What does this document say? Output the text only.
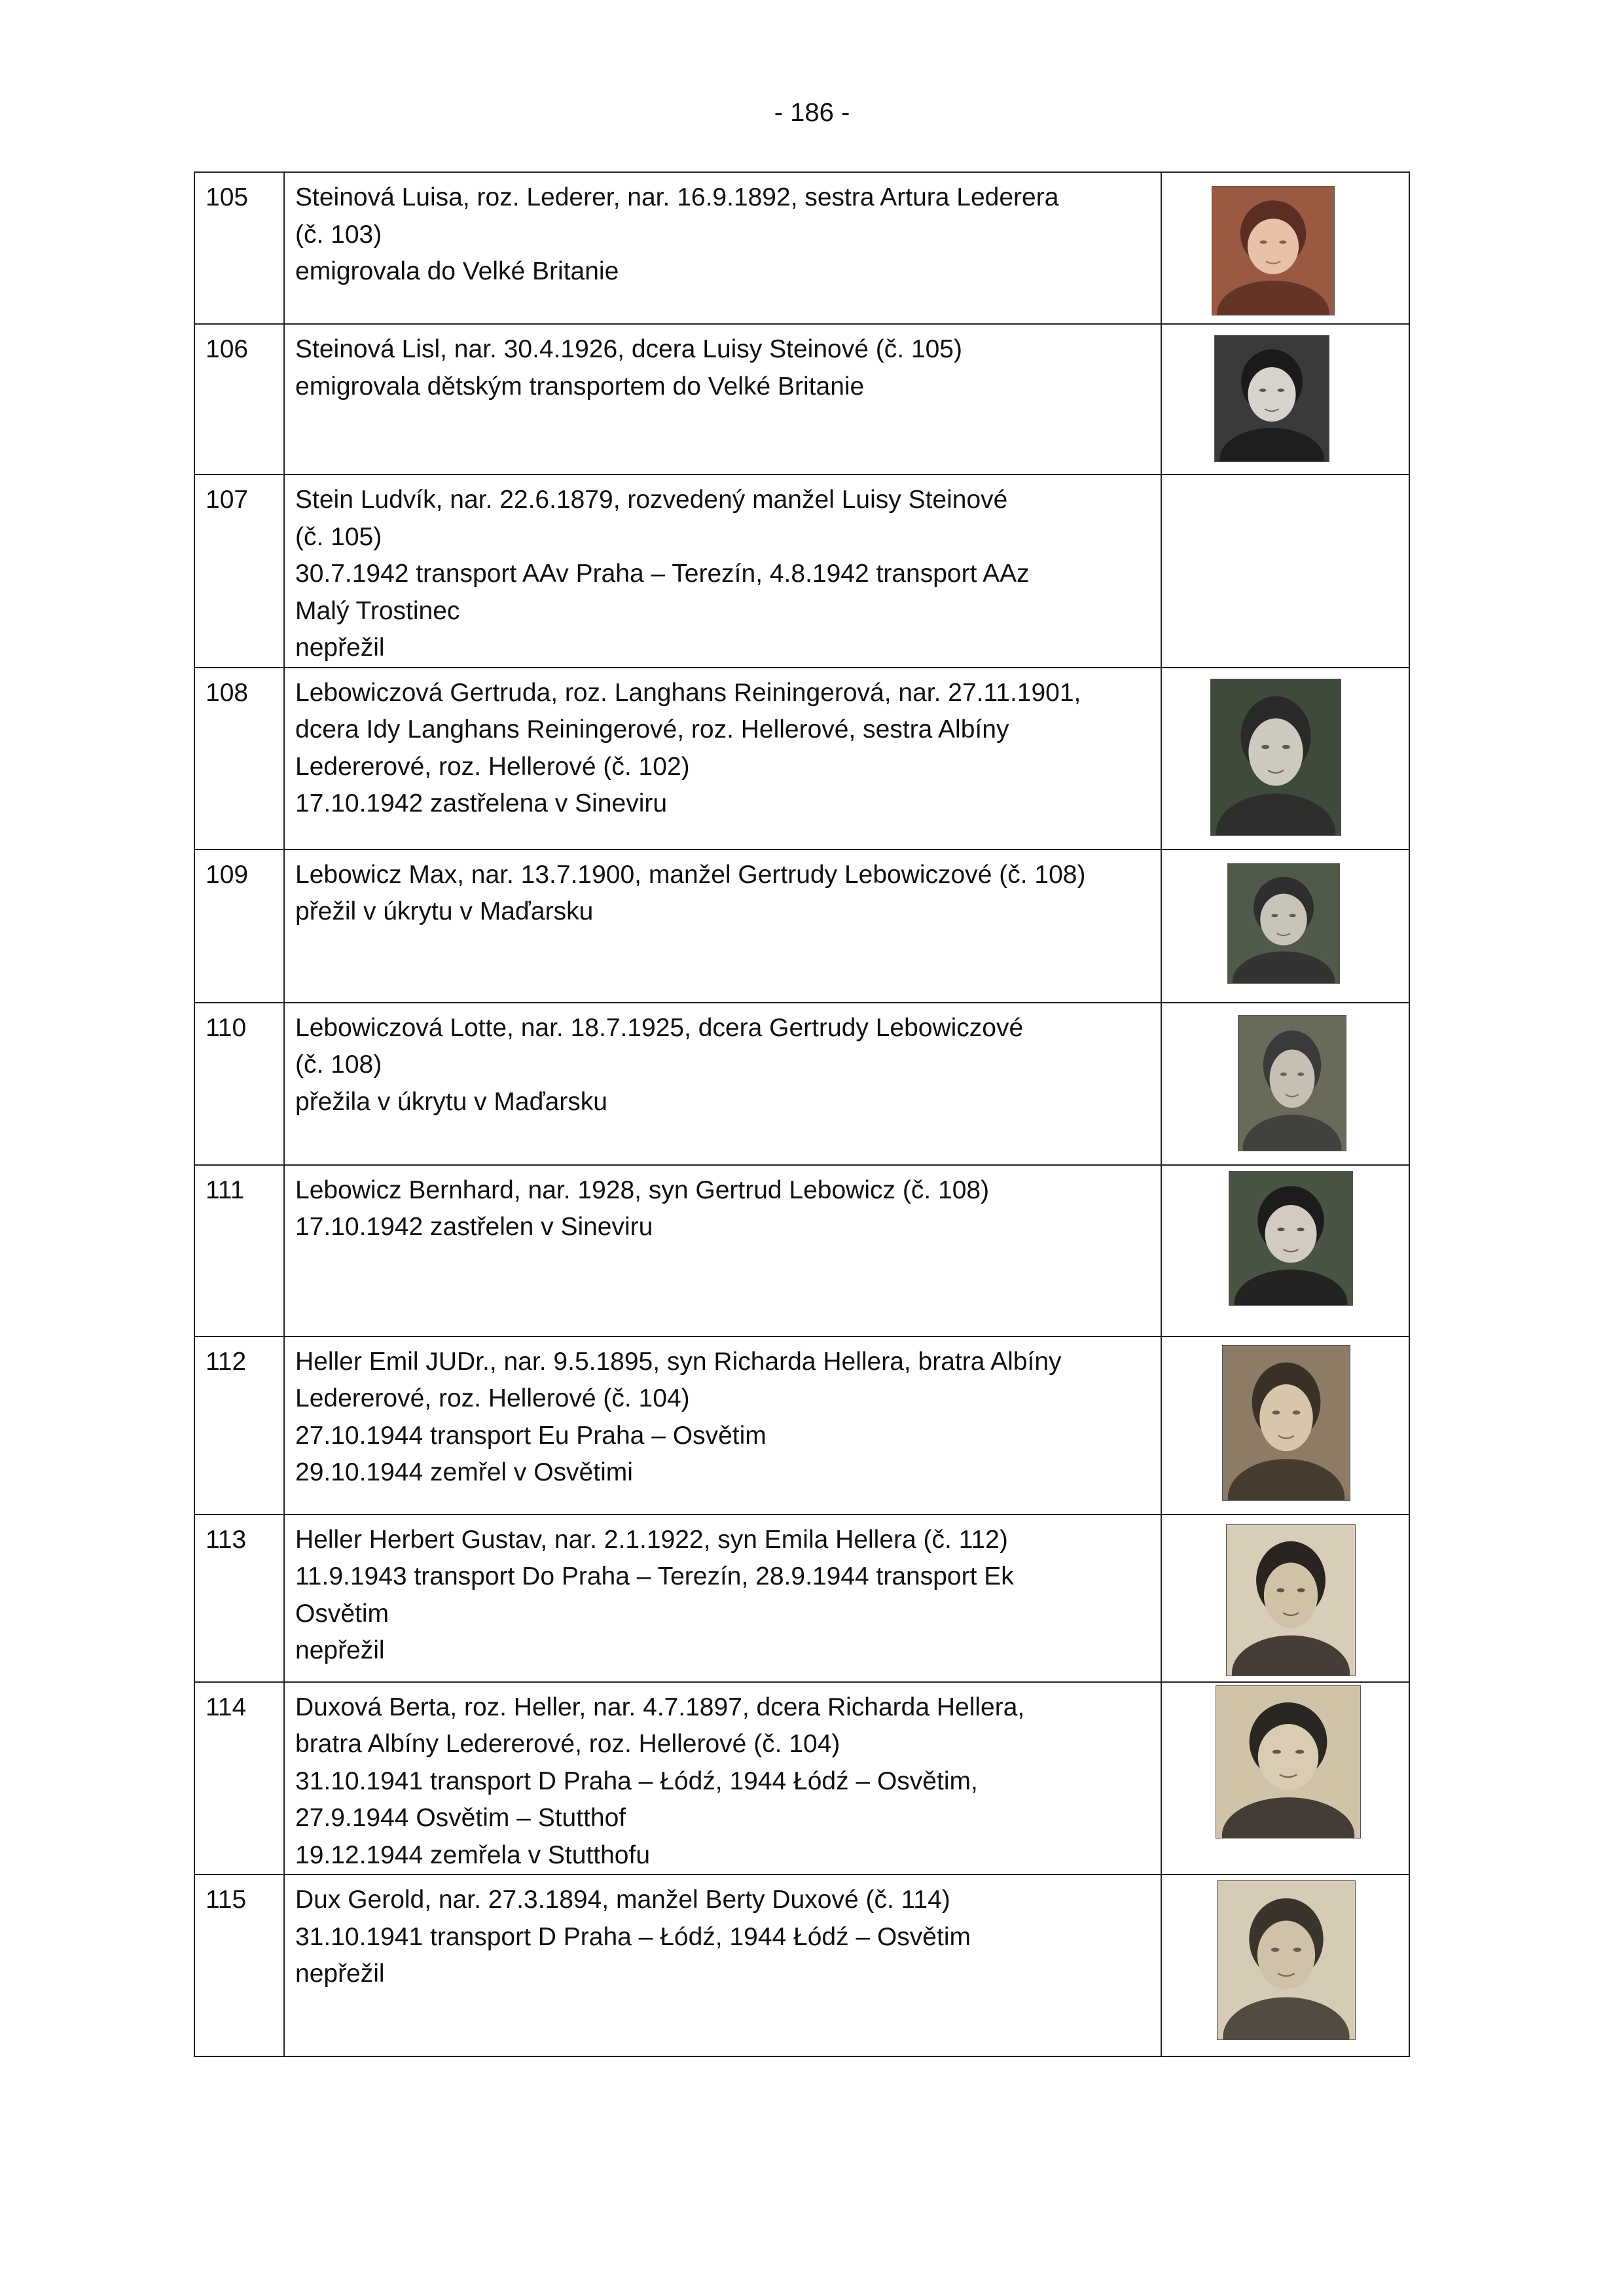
- 186 -
105	Steinová Luisa, roz. Lederer, nar. 16.9.1892, sestra Artura Lederera
(č. 103)
emigrovala do Velké Britanie

106	Steinová Lisl, nar. 30.4.1926, dcera Luisy Steinové (č. 105)
emigrovala dětským transportem do Velké Britanie

107	Stein Ludvík, nar. 22.6.1879, rozvedený manžel Luisy Steinové
(č. 105)
30.7.1942 transport AAv Praha – Terezín, 4.8.1942 transport AAz
Malý Trostinec
nepřežil	

108	Lebowiczová Gertruda, roz. Langhans Reiningerová, nar. 27.11.1901,
dcera Idy Langhans Reiningerové, roz. Hellerové, sestra Albíny
Ledererové, roz. Hellerové (č. 102)
17.10.1942 zastřelena v Sineviru

109	Lebowicz Max, nar. 13.7.1900, manžel Gertrudy Lebowiczové (č. 108)
přežil v úkrytu v Maďarsku

110	Lebowiczová Lotte, nar. 18.7.1925, dcera Gertrudy Lebowiczové
(č. 108)
přežila v úkrytu v Maďarsku

111	Lebowicz Bernhard, nar. 1928, syn Gertrud Lebowicz (č. 108)
17.10.1942 zastřelen v Sineviru

112	Heller Emil JUDr., nar. 9.5.1895, syn Richarda Hellera, bratra Albíny
Ledererové, roz. Hellerové (č. 104)
27.10.1944 transport Eu Praha – Osvětim
29.10.1944 zemřel v Osvětimi

113	Heller Herbert Gustav, nar. 2.1.1922, syn Emila Hellera (č. 112)
11.9.1943 transport Do Praha – Terezín, 28.9.1944 transport Ek
Osvětim
nepřežil

114	Duxová Berta, roz. Heller, nar. 4.7.1897, dcera Richarda Hellera,
bratra Albíny Ledererové, roz. Hellerové (č. 104)
31.10.1941 transport D Praha – Łódź, 1944 Łódź – Osvětim,
27.9.1944 Osvětim – Stutthof
19.12.1944 zemřela v Stutthofu

115	Dux Gerold, nar. 27.3.1894, manžel Berty Duxové (č. 114)
31.10.1941 transport D Praha – Łódź, 1944 Łódź – Osvětim
nepřežil
